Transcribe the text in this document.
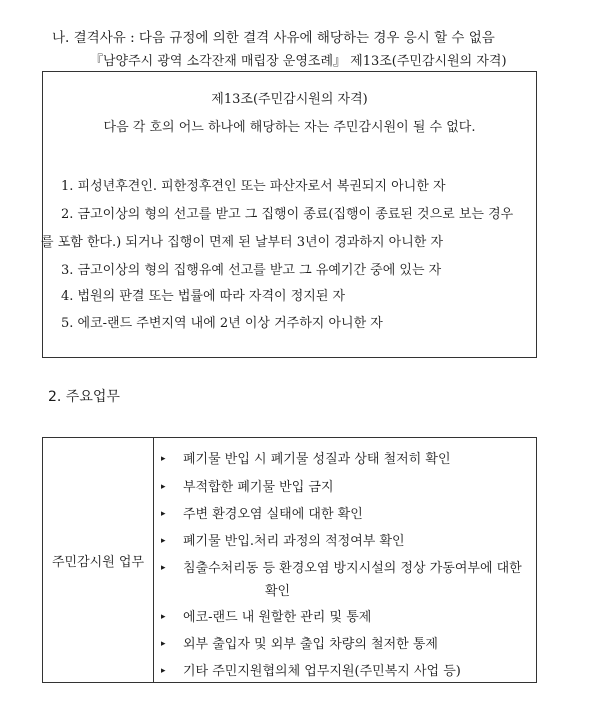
나. 결격사유 : 다음 규정에 의한 결격 사유에 해당하는 경우 응시 할 수 없음
『남양주시 광역 소각잔재 매립장 운영조례』 제13조(주민감시원의 자격)
제13조(주민감시원의 자격)
다음 각 호의 어느 하나에 해당하는 자는 주민감시원이 될 수 없다.
1. 피성년후견인. 피한정후견인 또는 파산자로서 복권되지 아니한 자
2. 금고이상의 형의 선고를 받고 그 집행이 종료(집행이 종료된 것으로 보는 경우
를 포함 한다.) 되거나 집행이 면제 된 날부터 3년이 경과하지 아니한 자
3. 금고이상의 형의 집행유예 선고를 받고 그 유예기간 중에 있는 자
4. 법원의 판결 또는 법률에 따라 자격이 정지된 자
5. 에코-랜드 주변지역 내에 2년 이상 거주하지 아니한 자
2. 주요업무
주민감시원 업무
▸ 폐기물 반입 시 폐기물 성질과 상태 철저히 확인
▸ 부적합한 폐기물 반입 금지
▸ 주변 환경오염 실태에 대한 확인
▸ 폐기물 반입.처리 과정의 적정여부 확인
▸ 침출수처리동 등 환경오염 방지시설의 정상 가동여부에 대한
확인
▸ 에코-랜드 내 원할한 관리 및 통제
▸ 외부 출입자 및 외부 출입 차량의 철저한 통제
▸ 기타 주민지원협의체 업무지원(주민복지 사업 등)
